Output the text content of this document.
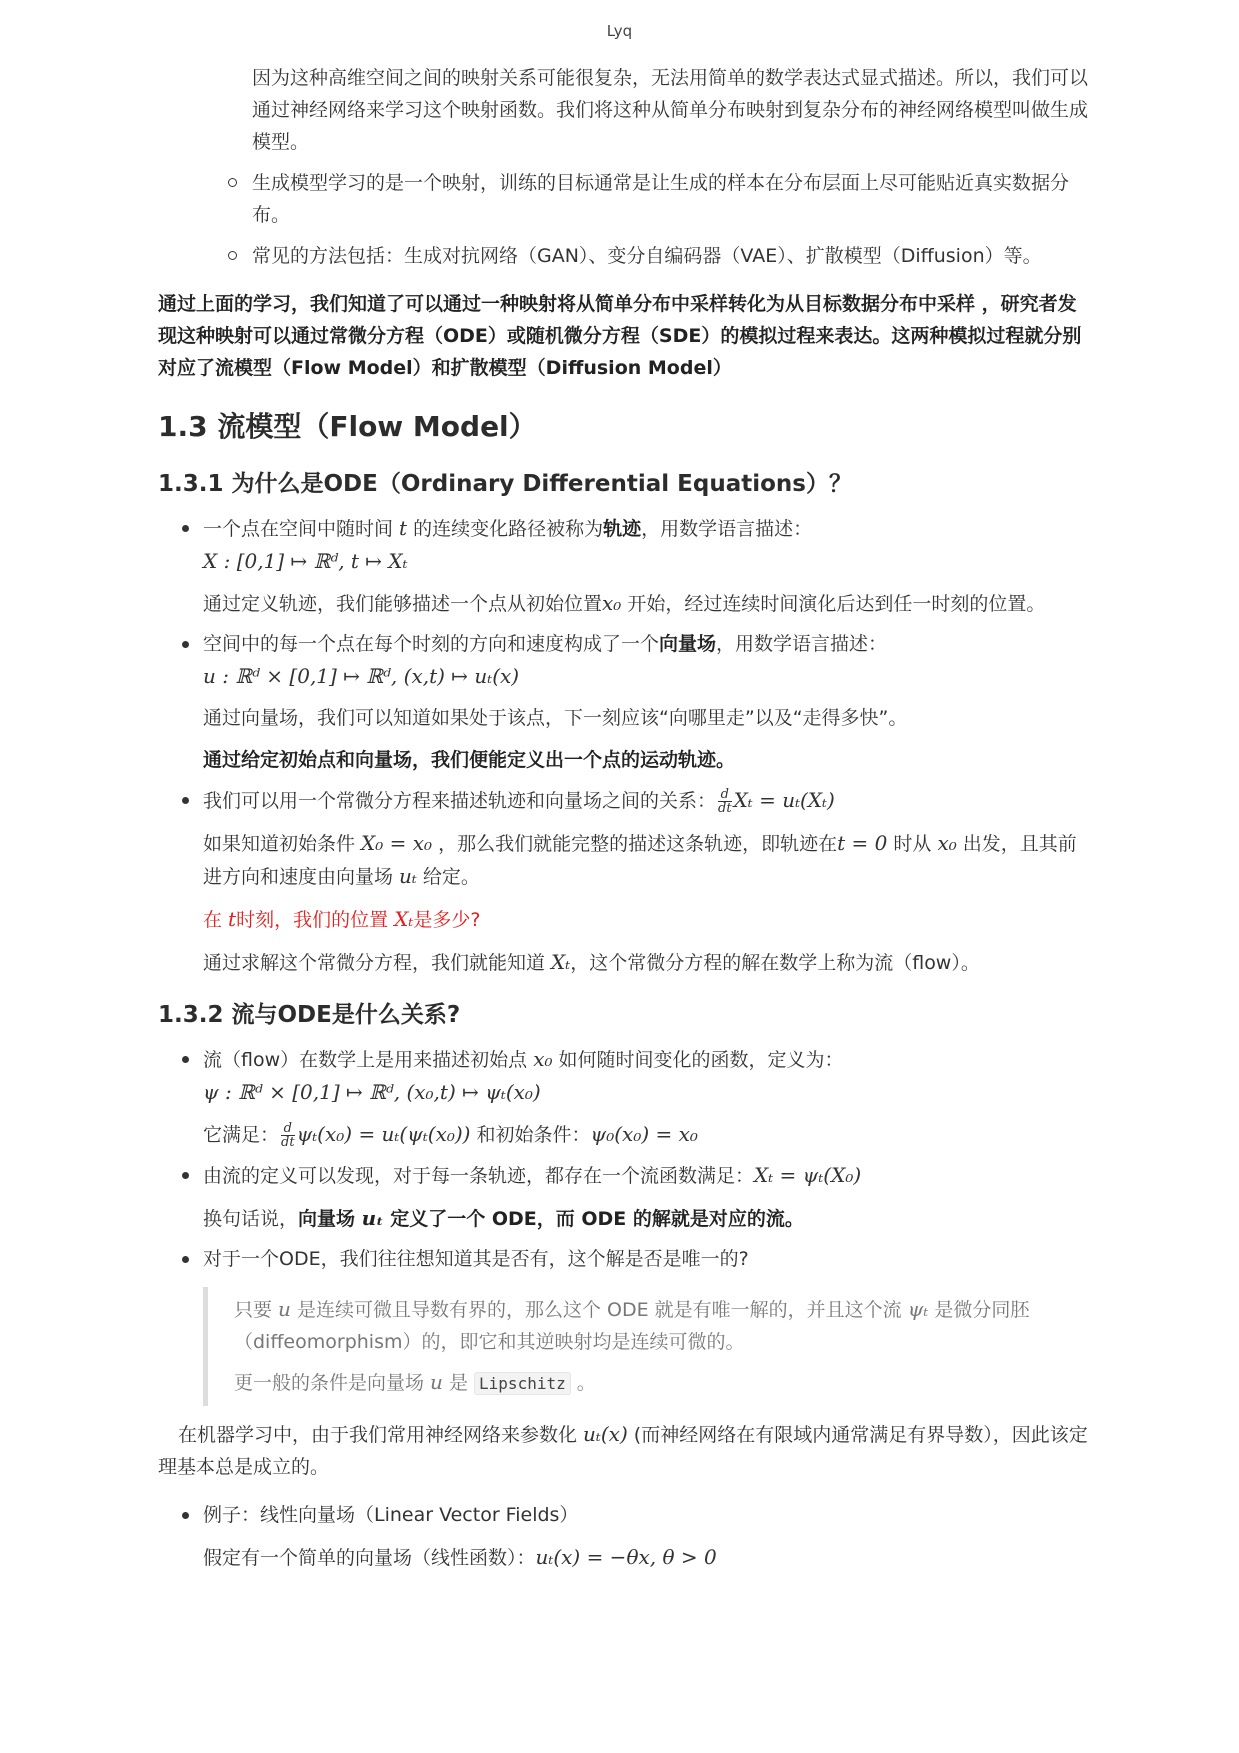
Lyq
因为这种高维空间之间的映射关系可能很复杂，无法用简单的数学表达式显式描述。所以，我们可以通过神经网络来学习这个映射函数。我们将这种从简单分布映射到复杂分布的神经网络模型叫做生成模型。
生成模型学习的是一个映射，训练的目标通常是让生成的样本在分布层面上尽可能贴近真实数据分布。
常见的方法包括：生成对抗网络（GAN）、变分自编码器（VAE）、扩散模型（Diffusion）等。

通过上面的学习，我们知道了可以通过一种映射将从简单分布中采样转化为从目标数据分布中采样 ，研究者发现这种映射可以通过常微分方程（ODE）或随机微分方程（SDE）的模拟过程来表达。这两种模拟过程就分别对应了流模型（Flow Model）和扩散模型（Diffusion Model）

1.3 流模型（Flow Model）
1.3.1 为什么是ODE（Ordinary Differential Equations）？
一个点在空间中随时间 t 的连续变化路径被称为轨迹，用数学语言描述：
X : [0,1] ↦ ℝᵈ, t ↦ Xₜ

通过定义轨迹，我们能够描述一个点从初始位置x₀ 开始，经过连续时间演化后达到任一时刻的位置。

空间中的每一个点在每个时刻的方向和速度构成了一个向量场，用数学语言描述：
u : ℝᵈ × [0,1] ↦ ℝᵈ, (x,t) ↦ uₜ(x)

通过向量场，我们可以知道如果处于该点，下一刻应该“向哪里走”以及“走得多快”。

通过给定初始点和向量场，我们便能定义出一个点的运动轨迹。

我们可以用一个常微分方程来描述轨迹和向量场之间的关系： $\frac{d}{dt}$ Xₜ = uₜ(Xₜ)

如果知道初始条件 X₀ = x₀ ，那么我们就能完整的描述这条轨迹，即轨迹在t = 0 时从 x₀ 出发，且其前进方向和速度由向量场 uₜ 给定。

在 t时刻，我们的位置 Xₜ是多少?

通过求解这个常微分方程，我们就能知道 Xₜ，这个常微分方程的解在数学上称为流（flow）。

1.3.2 流与ODE是什么关系?
流（flow）在数学上是用来描述初始点 x₀ 如何随时间变化的函数，定义为：
ψ : ℝᵈ × [0,1] ↦ ℝᵈ, (x₀,t) ↦ ψₜ(x₀)

它满足： $\frac{d}{dt} \psi_t(x_0) = u_t(\psi_t(x_0))$ 和初始条件：ψ₀(x₀) = x₀

由流的定义可以发现，对于每一条轨迹，都存在一个流函数满足：Xₜ = ψₜ(X₀)

换句话说，向量场 uₜ 定义了一个 ODE，而 ODE 的解就是对应的流。

对于一个ODE，我们往往想知道其是否有，这个解是否是唯一的?

只要 u 是连续可微且导数有界的，那么这个 ODE 就是有唯一解的，并且这个流 ψₜ 是微分同胚（diffeomorphism）的，即它和其逆映射均是连续可微的。

更一般的条件是向量场 u 是 Lipschitz 。

在机器学习中，由于我们常用神经网络来参数化 uₜ(x) (而神经网络在有限域内通常满足有界导数），因此该定理基本总是成立的。

例子：线性向量场（Linear Vector Fields）

假定有一个简单的向量场（线性函数）：uₜ(x) = −θx, θ > 0
